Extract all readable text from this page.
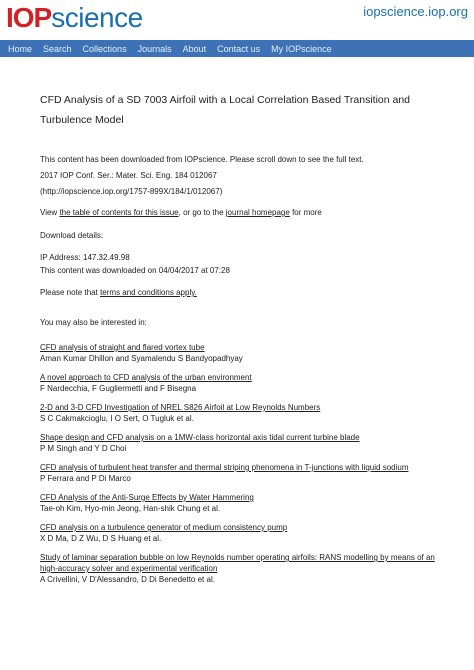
IOP science	iopscience.iop.org
Home Search Collections Journals About Contact us My IOPscience
CFD Analysis of a SD 7003 Airfoil with a Local Correlation Based Transition and Turbulence Model
This content has been downloaded from IOPscience. Please scroll down to see the full text.
2017 IOP Conf. Ser.: Mater. Sci. Eng. 184 012067
(http://iopscience.iop.org/1757-899X/184/1/012067)
View the table of contents for this issue, or go to the journal homepage for more
Download details:
IP Address: 147.32.49.98
This content was downloaded on 04/04/2017 at 07:28
Please note that terms and conditions apply.
You may also be interested in:
CFD analysis of straight and flared vortex tube
Aman Kumar Dhillon and Syamalendu S Bandyopadhyay
A novel approach to CFD analysis of the urban environment
F Nardecchia, F Gugliermetti and F Bisegna
2-D and 3-D CFD Investigation of NREL S826 Airfoil at Low Reynolds Numbers
S C Cakmakcioglu, I O Sert, O Tugluk et al.
Shape design and CFD analysis on a 1MW-class horizontal axis tidal current turbine blade
P M Singh and Y D Choi
CFD analysis of turbulent heat transfer and thermal striping phenomena in T-junctions with liquid sodium
P Ferrara and P Di Marco
CFD Analysis of the Anti-Surge Effects by Water Hammering
Tae-oh Kim, Hyo-min Jeong, Han-shik Chung et al.
CFD analysis on a turbulence generator of medium consistency pump
X D Ma, D Z Wu, D S Huang et al.
Study of laminar separation bubble on low Reynolds number operating airfoils: RANS modelling by means of an high-accuracy solver and experimental verification
A Crivellini, V D'Alessandro, D Di Benedetto et al.
